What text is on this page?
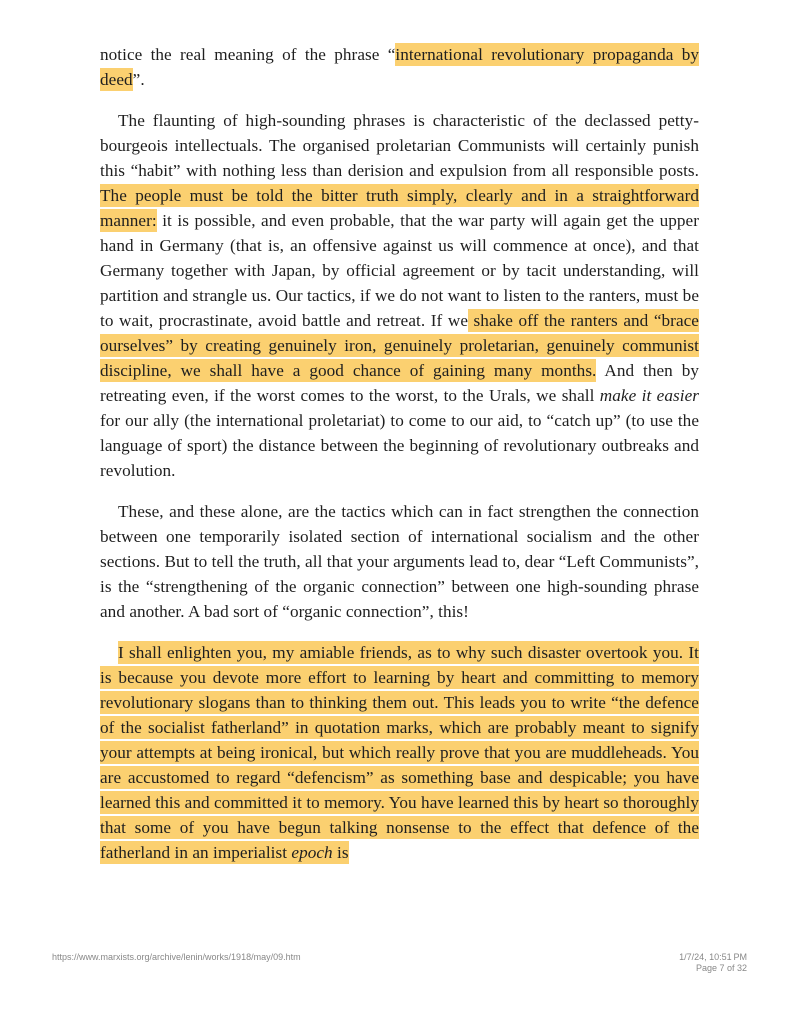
notice the real meaning of the phrase “international revolutionary propaganda by deed”.

The flaunting of high-sounding phrases is characteristic of the declassed petty-bourgeois intellectuals. The organised proletarian Communists will certainly punish this “habit” with nothing less than derision and expulsion from all responsible posts. The people must be told the bitter truth simply, clearly and in a straightforward manner: it is possible, and even probable, that the war party will again get the upper hand in Germany (that is, an offensive against us will commence at once), and that Germany together with Japan, by official agreement or by tacit understanding, will partition and strangle us. Our tactics, if we do not want to listen to the ranters, must be to wait, procrastinate, avoid battle and retreat. If we shake off the ranters and “brace ourselves” by creating genuinely iron, genuinely proletarian, genuinely communist discipline, we shall have a good chance of gaining many months. And then by retreating even, if the worst comes to the worst, to the Urals, we shall make it easier for our ally (the international proletariat) to come to our aid, to “catch up” (to use the language of sport) the distance between the beginning of revolutionary outbreaks and revolution.

These, and these alone, are the tactics which can in fact strengthen the connection between one temporarily isolated section of international socialism and the other sections. But to tell the truth, all that your arguments lead to, dear “Left Communists”, is the “strengthening of the organic connection” between one high-sounding phrase and another. A bad sort of “organic connection”, this!

I shall enlighten you, my amiable friends, as to why such disaster overtook you. It is because you devote more effort to learning by heart and committing to memory revolutionary slogans than to thinking them out. This leads you to write “the defence of the socialist fatherland” in quotation marks, which are probably meant to signify your attempts at being ironical, but which really prove that you are muddleheads. You are accustomed to regard “defencism” as something base and despicable; you have learned this and committed it to memory. You have learned this by heart so thoroughly that some of you have begun talking nonsense to the effect that defence of the fatherland in an imperialist epoch is

https://www.marxists.org/archive/lenin/works/1918/may/09.htm	1/7/24, 10:51 PM
Page 7 of 32
